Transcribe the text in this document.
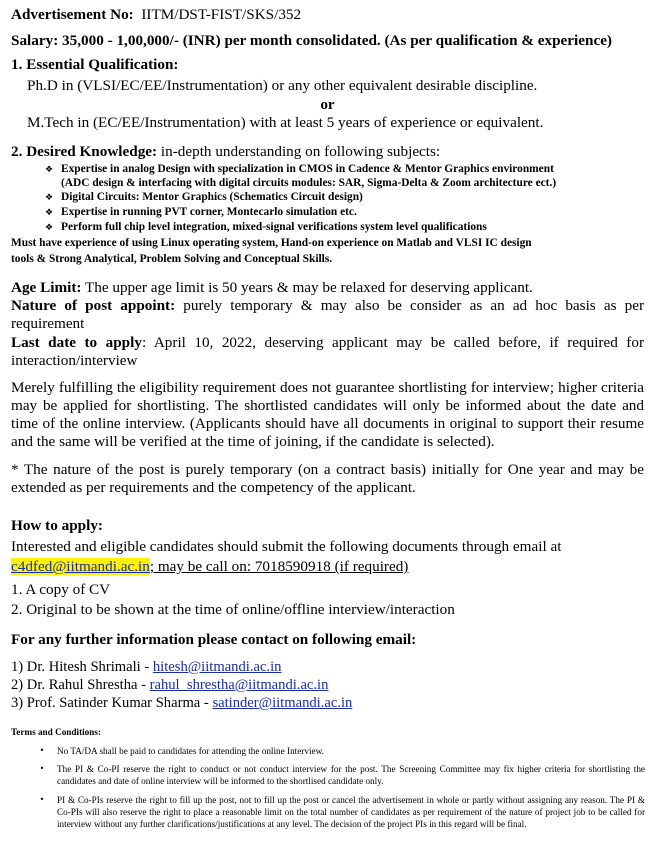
Advertisement No: IITM/DST-FIST/SKS/352
Salary: 35,000 - 1,00,000/- (INR) per month consolidated. (As per qualification & experience)
1. Essential Qualification:
Ph.D in (VLSI/EC/EE/Instrumentation) or any other equivalent desirable discipline.
or
M.Tech in (EC/EE/Instrumentation) with at least 5 years of experience or equivalent.
2. Desired Knowledge: in-depth understanding on following subjects:
❖ Expertise in analog Design with specialization in CMOS in Cadence & Mentor Graphics environment
(ADC design & interfacing with digital circuits modules: SAR, Sigma-Delta & Zoom architecture ect.)
❖ Digital Circuits: Mentor Graphics (Schematics Circuit design)
❖ Expertise in running PVT corner, Montecarlo simulation etc.
❖ Perform full chip level integration, mixed-signal verifications system level qualifications
Must have experience of using Linux operating system, Hand-on experience on Matlab and VLSI IC design
tools & Strong Analytical, Problem Solving and Conceptual Skills.
Age Limit: The upper age limit is 50 years & may be relaxed for deserving applicant.
Nature of post appoint: purely temporary & may also be consider as an ad hoc basis as per requirement
Last date to apply: April 10, 2022, deserving applicant may be called before, if required for interaction/interview
Merely fulfilling the eligibility requirement does not guarantee shortlisting for interview; higher criteria may be applied for shortlisting. The shortlisted candidates will only be informed about the date and time of the online interview. (Applicants should have all documents in original to support their resume and the same will be verified at the time of joining, if the candidate is selected).
* The nature of the post is purely temporary (on a contract basis) initially for One year and may be extended as per requirements and the competency of the applicant.
How to apply:
Interested and eligible candidates should submit the following documents through email at
c4dfed@iitmandi.ac.in; may be call on: 7018590918 (if required)
1. A copy of CV
2. Original to be shown at the time of online/offline interview/interaction
For any further information please contact on following email:
1) Dr. Hitesh Shrimali - hitesh@iitmandi.ac.in
2) Dr. Rahul Shrestha - rahul_shrestha@iitmandi.ac.in
3) Prof. Satinder Kumar Sharma - satinder@iitmandi.ac.in
Terms and Conditions:
• No TA/DA shall be paid to candidates for attending the online Interview.
• The PI & Co-PI reserve the right to conduct or not conduct interview for the post. The Screening Committee may fix higher criteria for shortlisting the candidates and date of online interview will be informed to the shortlised candidate only.
• PI & Co-PIs reserve the right to fill up the post, not to fill up the post or cancel the advertisement in whole or partly without assigning any reason. The PI & Co-PIs will also reserve the right to place a reasonable limit on the total number of candidates as per requirement of the nature of project job to be called for interview without any further clarifications/justifications at any level. The decision of the project PIs in this regard will be final.
